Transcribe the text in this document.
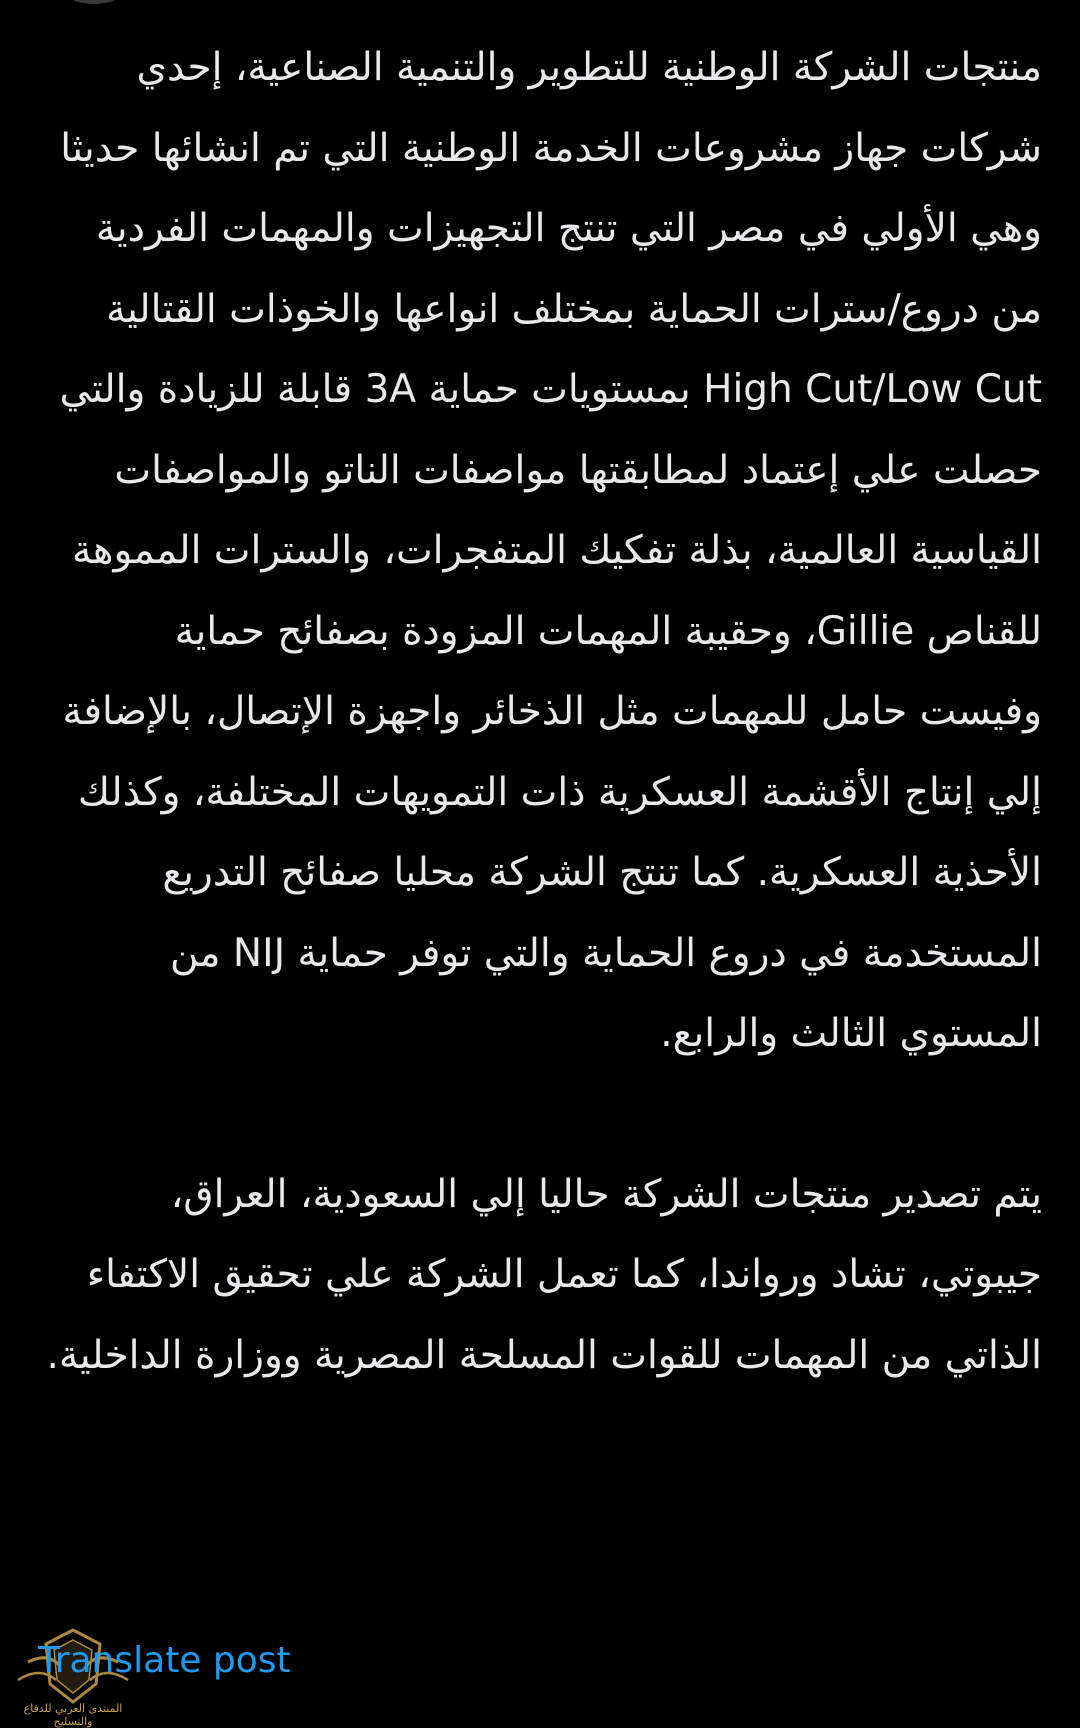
منتجات الشركة الوطنية للتطوير والتنمية الصناعية، إحدي شركات جهاز مشروعات الخدمة الوطنية التي تم انشائها حديثا وهي الأولي في مصر التي تنتج التجهيزات والمهمات الفردية من دروع/سترات الحماية بمختلف انواعها والخوذات القتالية High Cut/Low Cut بمستويات حماية 3A قابلة للزيادة والتي حصلت علي إعتماد لمطابقتها مواصفات الناتو والمواصفات القياسية العالمية، بذلة تفكيك المتفجرات، والسترات المموهة للقناص Gillie، وحقيبة المهمات المزودة بصفائح حماية وفيست حامل للمهمات مثل الذخائر واجهزة الإتصال، بالإضافة إلي إنتاج الأقشمة العسكرية ذات التمويهات المختلفة، وكذلك الأحذية العسكرية. كما تنتج الشركة محليا صفائح التدريع المستخدمة في دروع الحماية والتي توفر حماية NIJ من المستوي الثالث والرابع.

يتم تصدير منتجات الشركة حاليا إلي السعودية، العراق، جيبوتي، تشاد ورواندا، كما تعمل الشركة علي تحقيق الاكتفاء الذاتي من المهمات للقوات المسلحة المصرية ووزارة الداخلية.

Translate post
المنتدى العربي للدفاع والتسليح
